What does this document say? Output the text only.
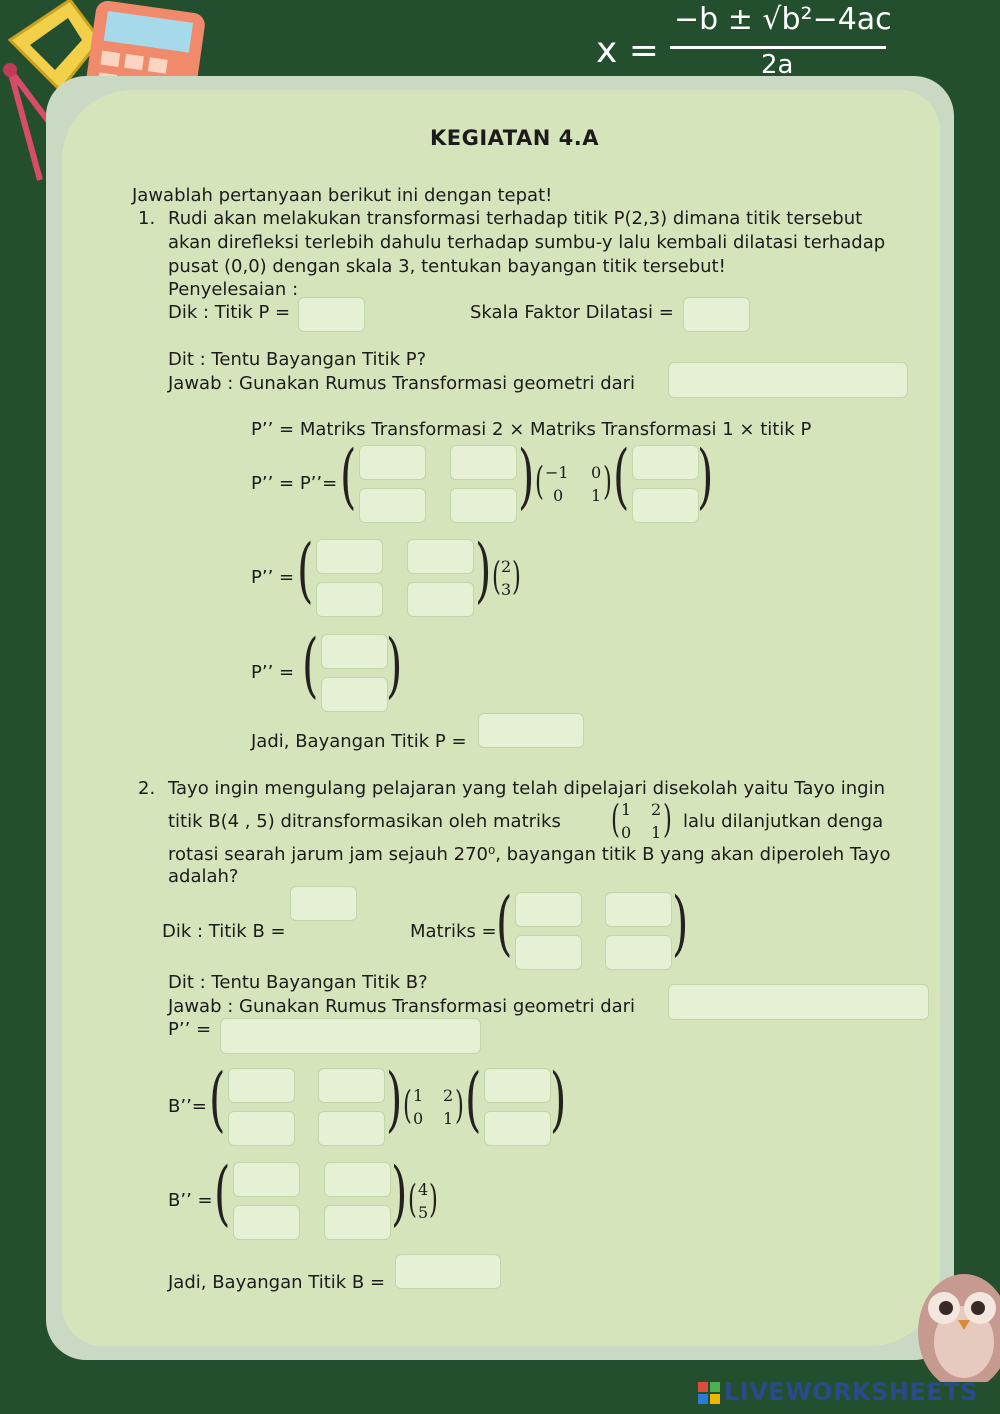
x =
−b ± √b²−4ac
2a
KEGIATAN 4.A
Jawablah pertanyaan berikut ini dengan tepat!
1. Rudi akan melakukan transformasi terhadap titik P(2,3) dimana titik tersebut
akan direfleksi terlebih dahulu terhadap sumbu-y lalu kembali dilatasi terhadap
pusat (0,0) dengan skala 3, tentukan bayangan titik tersebut!
Penyelesaian :
Dik : Titik P =	Skala Faktor Dilatasi =
Dit : Tentu Bayangan Titik P?
Jawab : Gunakan Rumus Transformasi geometri dari
P’’ = Matriks Transformasi 2 × Matriks Transformasi 1 × titik P
P’’ = P’’= ( ) ( −1 0
0 1 ) ( )
P’’ = ( ) ( 2
3 )
P’’ = ( )
Jadi, Bayangan Titik P =
2. Tayo ingin mengulang pelajaran yang telah dipelajari disekolah yaitu Tayo ingin
titik B(4 , 5) ditransformasikan oleh matriks ( 1 2
0 1 ) lalu dilanjutkan denga
rotasi searah jarum jam sejauh 270⁰, bayangan titik B yang akan diperoleh Tayo
adalah?
Dik : Titik B =	Matriks = ( )
Dit : Tentu Bayangan Titik B?
Jawab : Gunakan Rumus Transformasi geometri dari
P’’ =
B’’= ( ) ( 1 2
0 1 ) ( )
B’’ = ( ) ( 4
5 )
Jadi, Bayangan Titik B =
LIVEWORKSHEETS
